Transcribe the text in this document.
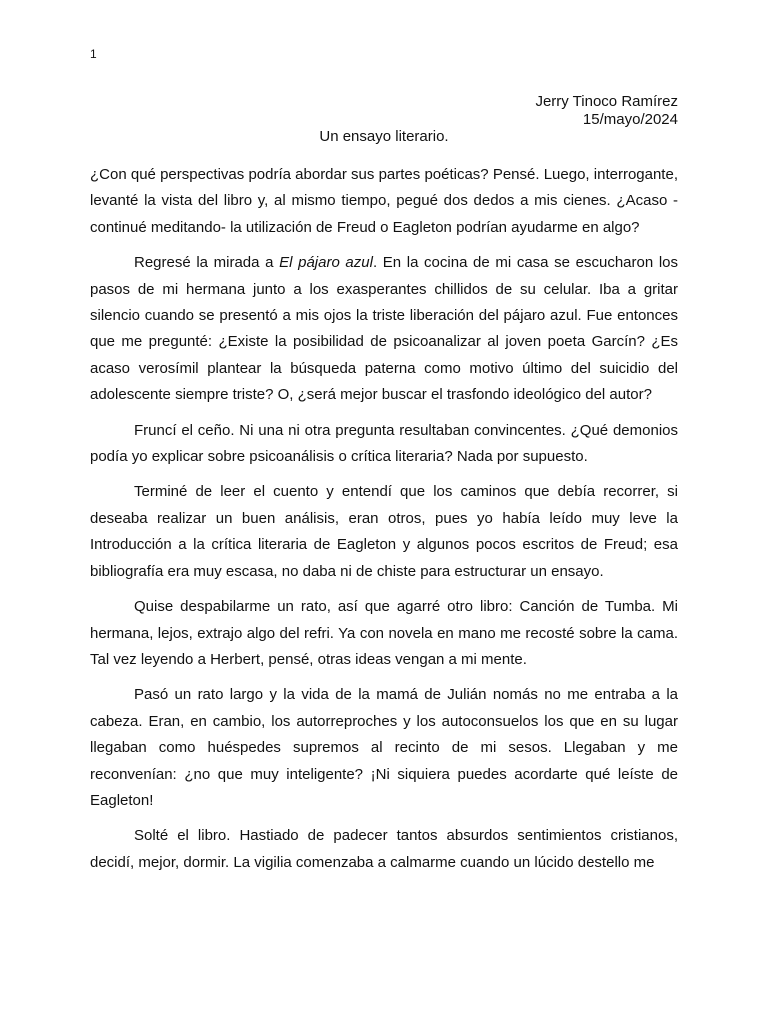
1
Jerry Tinoco Ramírez
15/mayo/2024
Un ensayo literario.

¿Con qué perspectivas podría abordar sus partes poéticas? Pensé. Luego, interrogante, levanté la vista del libro y, al mismo tiempo, pegué dos dedos a mis cienes. ¿Acaso -continué meditando- la utilización de Freud o Eagleton podrían ayudarme en algo?

Regresé la mirada a El pájaro azul. En la cocina de mi casa se escucharon los pasos de mi hermana junto a los exasperantes chillidos de su celular. Iba a gritar silencio cuando se presentó a mis ojos la triste liberación del pájaro azul. Fue entonces que me pregunté: ¿Existe la posibilidad de psicoanalizar al joven poeta Garcín? ¿Es acaso verosímil plantear la búsqueda paterna como motivo último del suicidio del adolescente siempre triste? O, ¿será mejor buscar el trasfondo ideológico del autor?

Fruncí el ceño. Ni una ni otra pregunta resultaban convincentes. ¿Qué demonios podía yo explicar sobre psicoanálisis o crítica literaria? Nada por supuesto.

Terminé de leer el cuento y entendí que los caminos que debía recorrer, si deseaba realizar un buen análisis, eran otros, pues yo había leído muy leve la Introducción a la crítica literaria de Eagleton y algunos pocos escritos de Freud; esa bibliografía era muy escasa, no daba ni de chiste para estructurar un ensayo.

Quise despabilarme un rato, así que agarré otro libro: Canción de Tumba. Mi hermana, lejos, extrajo algo del refri. Ya con novela en mano me recosté sobre la cama. Tal vez leyendo a Herbert, pensé, otras ideas vengan a mi mente.

Pasó un rato largo y la vida de la mamá de Julián nomás no me entraba a la cabeza. Eran, en cambio, los autorreproches y los autoconsuelos los que en su lugar llegaban como huéspedes supremos al recinto de mi sesos. Llegaban y me reconvenían: ¿no que muy inteligente? ¡Ni siquiera puedes acordarte qué leíste de Eagleton!

Solté el libro. Hastiado de padecer tantos absurdos sentimientos cristianos, decidí, mejor, dormir. La vigilia comenzaba a calmarme cuando un lúcido destello me
